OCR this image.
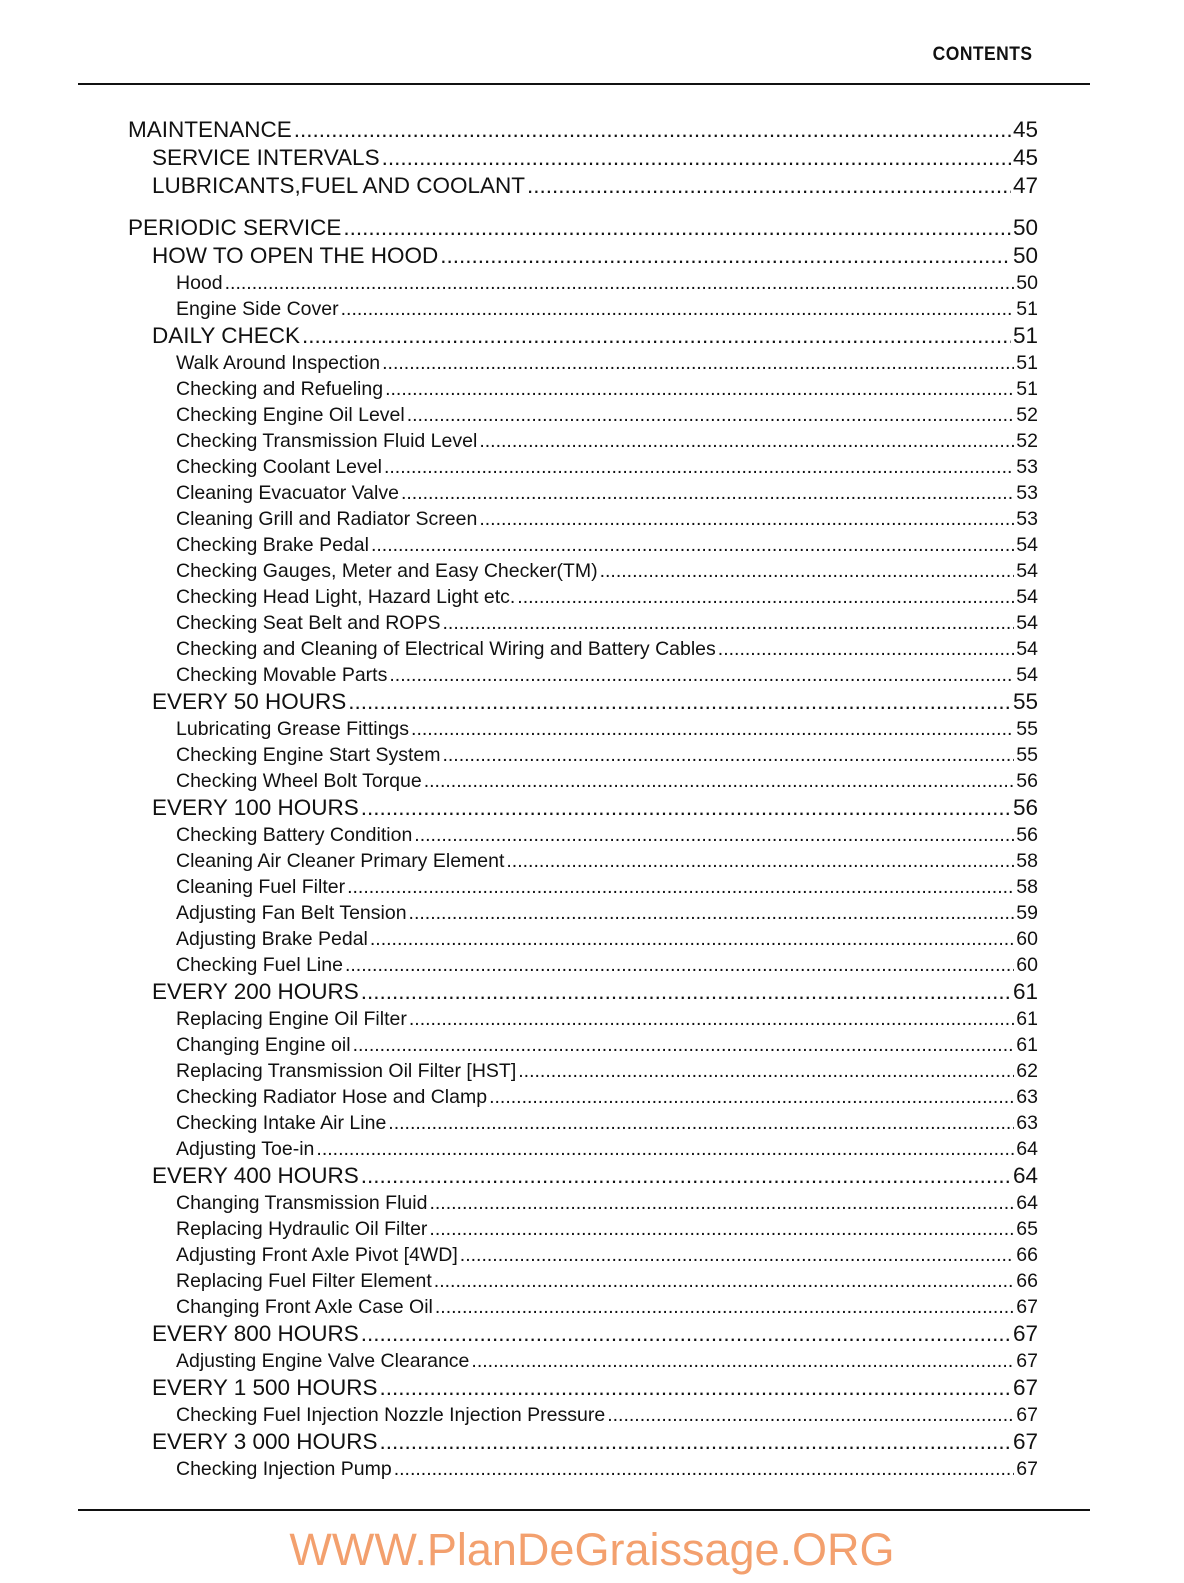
CONTENTS
MAINTENANCE .....	45
SERVICE INTERVALS .....	45
LUBRICANTS,FUEL AND COOLANT .....	47
PERIODIC SERVICE .....	50
HOW TO OPEN THE HOOD .....	50
Hood .....	50
Engine Side Cover .....	51
DAILY CHECK .....	51
Walk Around Inspection .....	51
Checking and Refueling .....	51
Checking Engine Oil Level .....	52
Checking Transmission Fluid Level .....	52
Checking Coolant Level .....	53
Cleaning Evacuator Valve .....	53
Cleaning Grill and Radiator Screen .....	53
Checking Brake Pedal .....	54
Checking Gauges, Meter and Easy Checker(TM) .....	54
Checking Head Light, Hazard Light etc. .....	54
Checking Seat Belt and ROPS .....	54
Checking and Cleaning of Electrical Wiring and Battery Cables .....	54
Checking Movable Parts .....	54
EVERY 50 HOURS .....	55
Lubricating Grease Fittings .....	55
Checking Engine Start System .....	55
Checking Wheel Bolt Torque .....	56
EVERY 100 HOURS .....	56
Checking Battery Condition .....	56
Cleaning Air Cleaner Primary Element .....	58
Cleaning Fuel Filter .....	58
Adjusting Fan Belt Tension .....	59
Adjusting Brake Pedal .....	60
Checking Fuel Line .....	60
EVERY 200 HOURS .....	61
Replacing Engine Oil Filter .....	61
Changing Engine oil .....	61
Replacing Transmission Oil Filter [HST] .....	62
Checking Radiator Hose and Clamp .....	63
Checking Intake Air Line .....	63
Adjusting Toe-in .....	64
EVERY 400 HOURS .....	64
Changing Transmission Fluid .....	64
Replacing Hydraulic Oil Filter .....	65
Adjusting Front Axle Pivot [4WD] .....	66
Replacing Fuel Filter Element .....	66
Changing Front Axle Case Oil .....	67
EVERY 800 HOURS .....	67
Adjusting Engine Valve Clearance .....	67
EVERY 1 500 HOURS .....	67
Checking Fuel Injection Nozzle Injection Pressure .....	67
EVERY 3 000 HOURS .....	67
Checking Injection Pump .....	67
WWW.PlanDeGraissage.ORG
